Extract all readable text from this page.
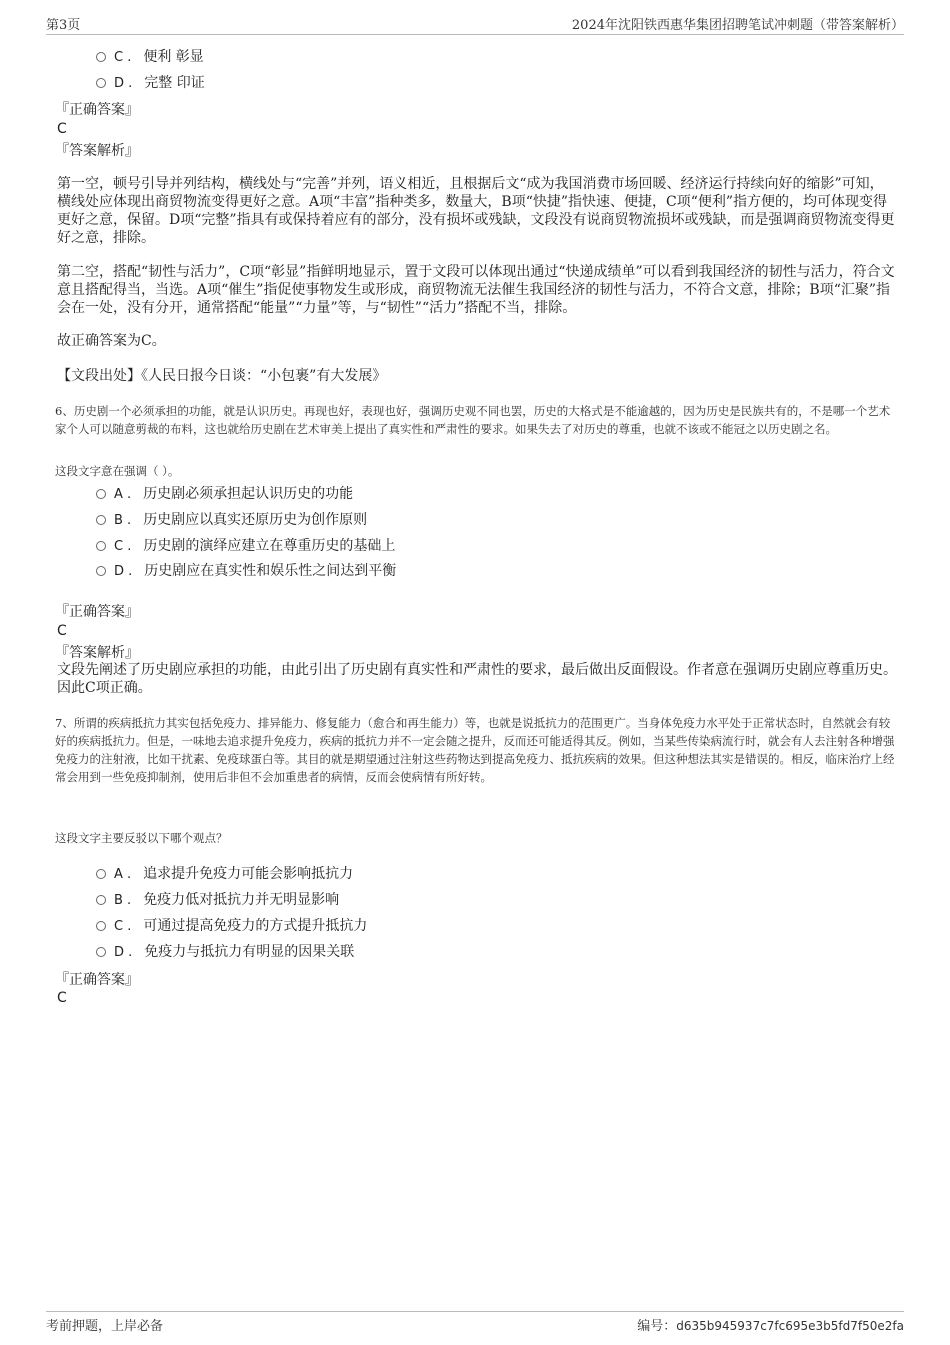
第3页	2024年沈阳铁西惠华集团招聘笔试冲刺题（带答案解析）
C . 便利 彰显
D . 完整 印证
『正确答案』
C
『答案解析』
第一空，顿号引导并列结构，横线处与“完善”并列，语义相近，且根据后文“成为我国消费市场回暖、经济运行持续向好的缩影”可知，横线处应体现出商贸物流变得更好之意。A项“丰富”指种类多，数量大，B项“快捷”指快速、便捷，C项“便利”指方便的，均可体现变得更好之意，保留。D项“完整”指具有或保持着应有的部分，没有损坏或残缺，文段没有说商贸物流损坏或残缺，而是强调商贸物流变得更好之意，排除。
第二空，搭配“韧性与活力”，C项“彰显”指鲜明地显示，置于文段可以体现出通过“快递成绩单”可以看到我国经济的韧性与活力，符合文意且搭配得当，当选。A项“催生”指促使事物发生或形成，商贸物流无法催生我国经济的韧性与活力，不符合文意，排除；B项“汇聚”指会在一处，没有分开，通常搭配“能量”“力量”等，与“韧性”“活力”搭配不当，排除。
故正确答案为C。
【文段出处】《人民日报今日谈：“小包裹”有大发展》
6、历史剧一个必须承担的功能，就是认识历史。再现也好，表现也好，强调历史观不同也罢，历史的大格式是不能逾越的，因为历史是民族共有的，不是哪一个艺术家个人可以随意剪裁的布料，这也就给历史剧在艺术审美上提出了真实性和严肃性的要求。如果失去了对历史的尊重，也就不该或不能冠之以历史剧之名。
这段文字意在强调（ ）。
A . 历史剧必须承担起认识历史的功能
B . 历史剧应以真实还原历史为创作原则
C . 历史剧的演绎应建立在尊重历史的基础上
D . 历史剧应在真实性和娱乐性之间达到平衡
『正确答案』
C
『答案解析』
文段先阐述了历史剧应承担的功能，由此引出了历史剧有真实性和严肃性的要求，最后做出反面假设。作者意在强调历史剧应尊重历史。因此C项正确。
7、所谓的疾病抵抗力其实包括免疫力、排异能力、修复能力（愈合和再生能力）等，也就是说抵抗力的范围更广。当身体免疫力水平处于正常状态时，自然就会有较好的疾病抵抗力。但是，一味地去追求提升免疫力，疾病的抵抗力并不一定会随之提升，反而还可能适得其反。例如，当某些传染病流行时，就会有人去注射各种增强免疫力的注射液，比如干扰素、免疫球蛋白等。其目的就是期望通过注射这些药物达到提高免疫力、抵抗疾病的效果。但这种想法其实是错误的。相反，临床治疗上经常会用到一些免疫抑制剂，使用后非但不会加重患者的病情，反而会使病情有所好转。
这段文字主要反驳以下哪个观点？
A . 追求提升免疫力可能会影响抵抗力
B . 免疫力低对抵抗力并无明显影响
C . 可通过提高免疫力的方式提升抵抗力
D . 免疫力与抵抗力有明显的因果关联
『正确答案』
C
考前押题，上岸必备	编号：d635b945937c7fc695e3b5fd7f50e2fa
